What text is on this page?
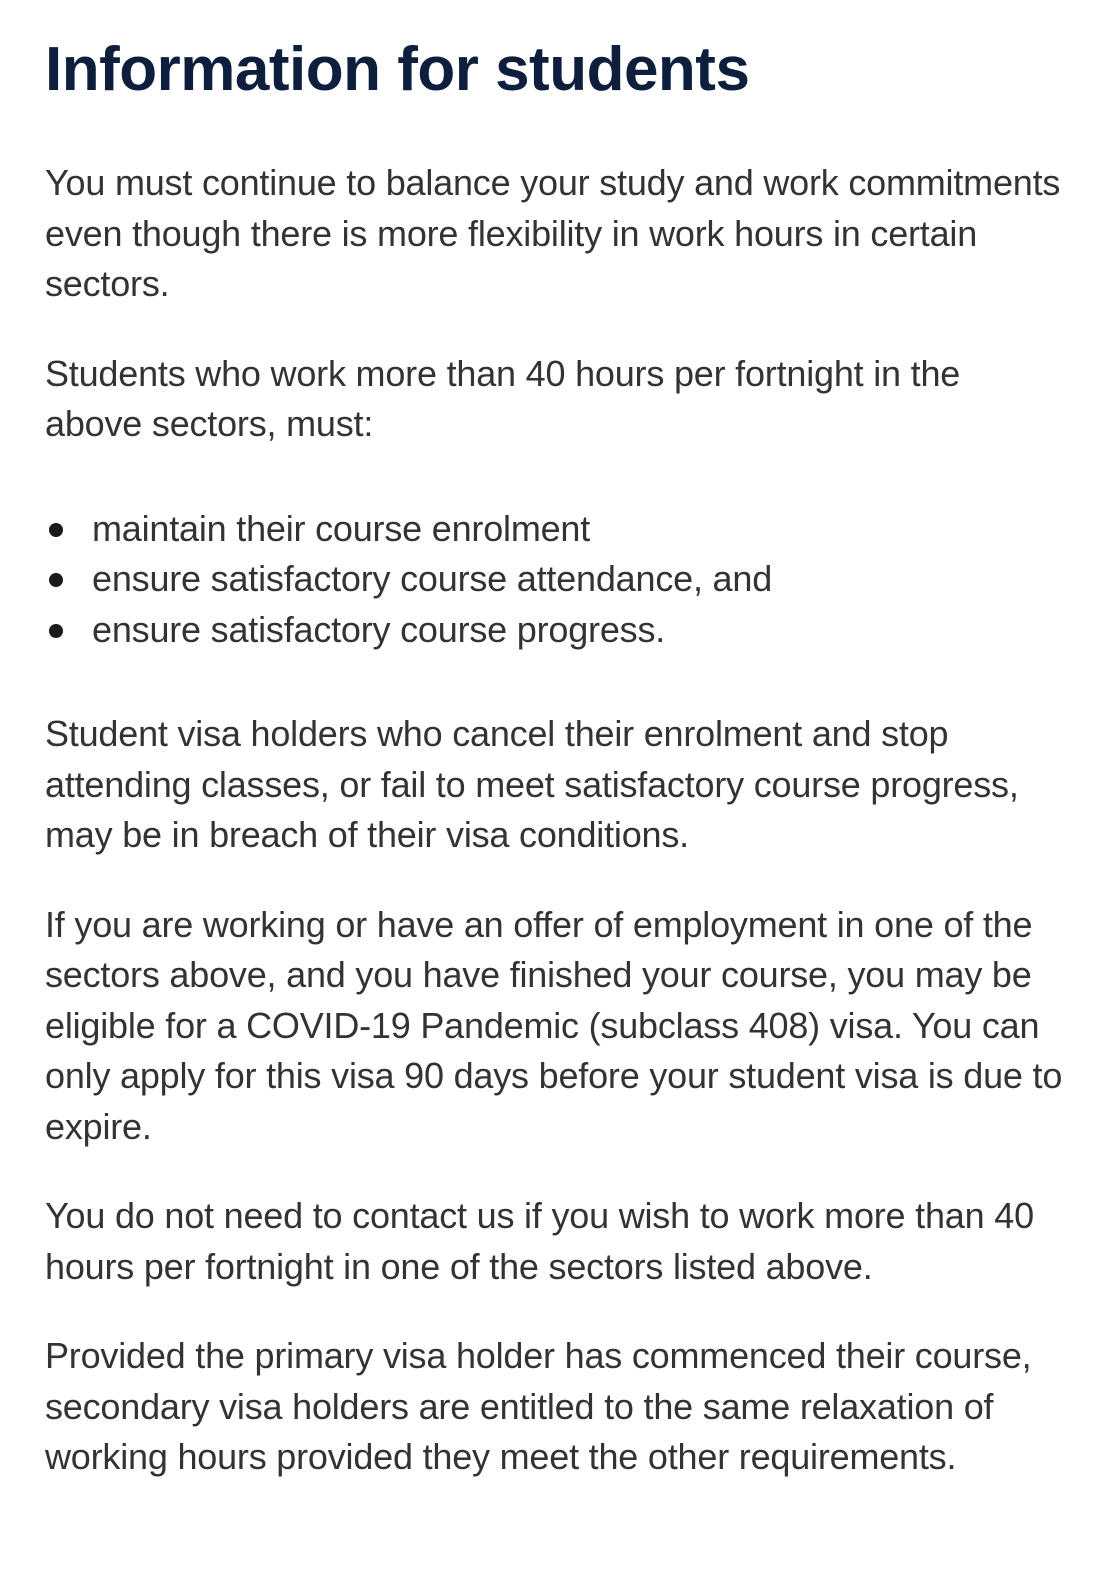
Information for students

You must continue to balance your study and work commitments even though there is more flexibility in work hours in certain sectors.

Students who work more than 40 hours per fortnight in the above sectors, must:

maintain their course enrolment
ensure satisfactory course attendance, and
ensure satisfactory course progress.

Student visa holders who cancel their enrolment and stop attending classes, or fail to meet satisfactory course progress, may be in breach of their visa conditions.

If you are working or have an offer of employment in one of the sectors above, and you have finished your course, you may be eligible for a COVID-19 Pandemic (subclass 408) visa. You can only apply for this visa 90 days before your student visa is due to expire.

You do not need to contact us if you wish to work more than 40 hours per fortnight in one of the sectors listed above.

Provided the primary visa holder has commenced their course, secondary visa holders are entitled to the same relaxation of working hours provided they meet the other requirements.
